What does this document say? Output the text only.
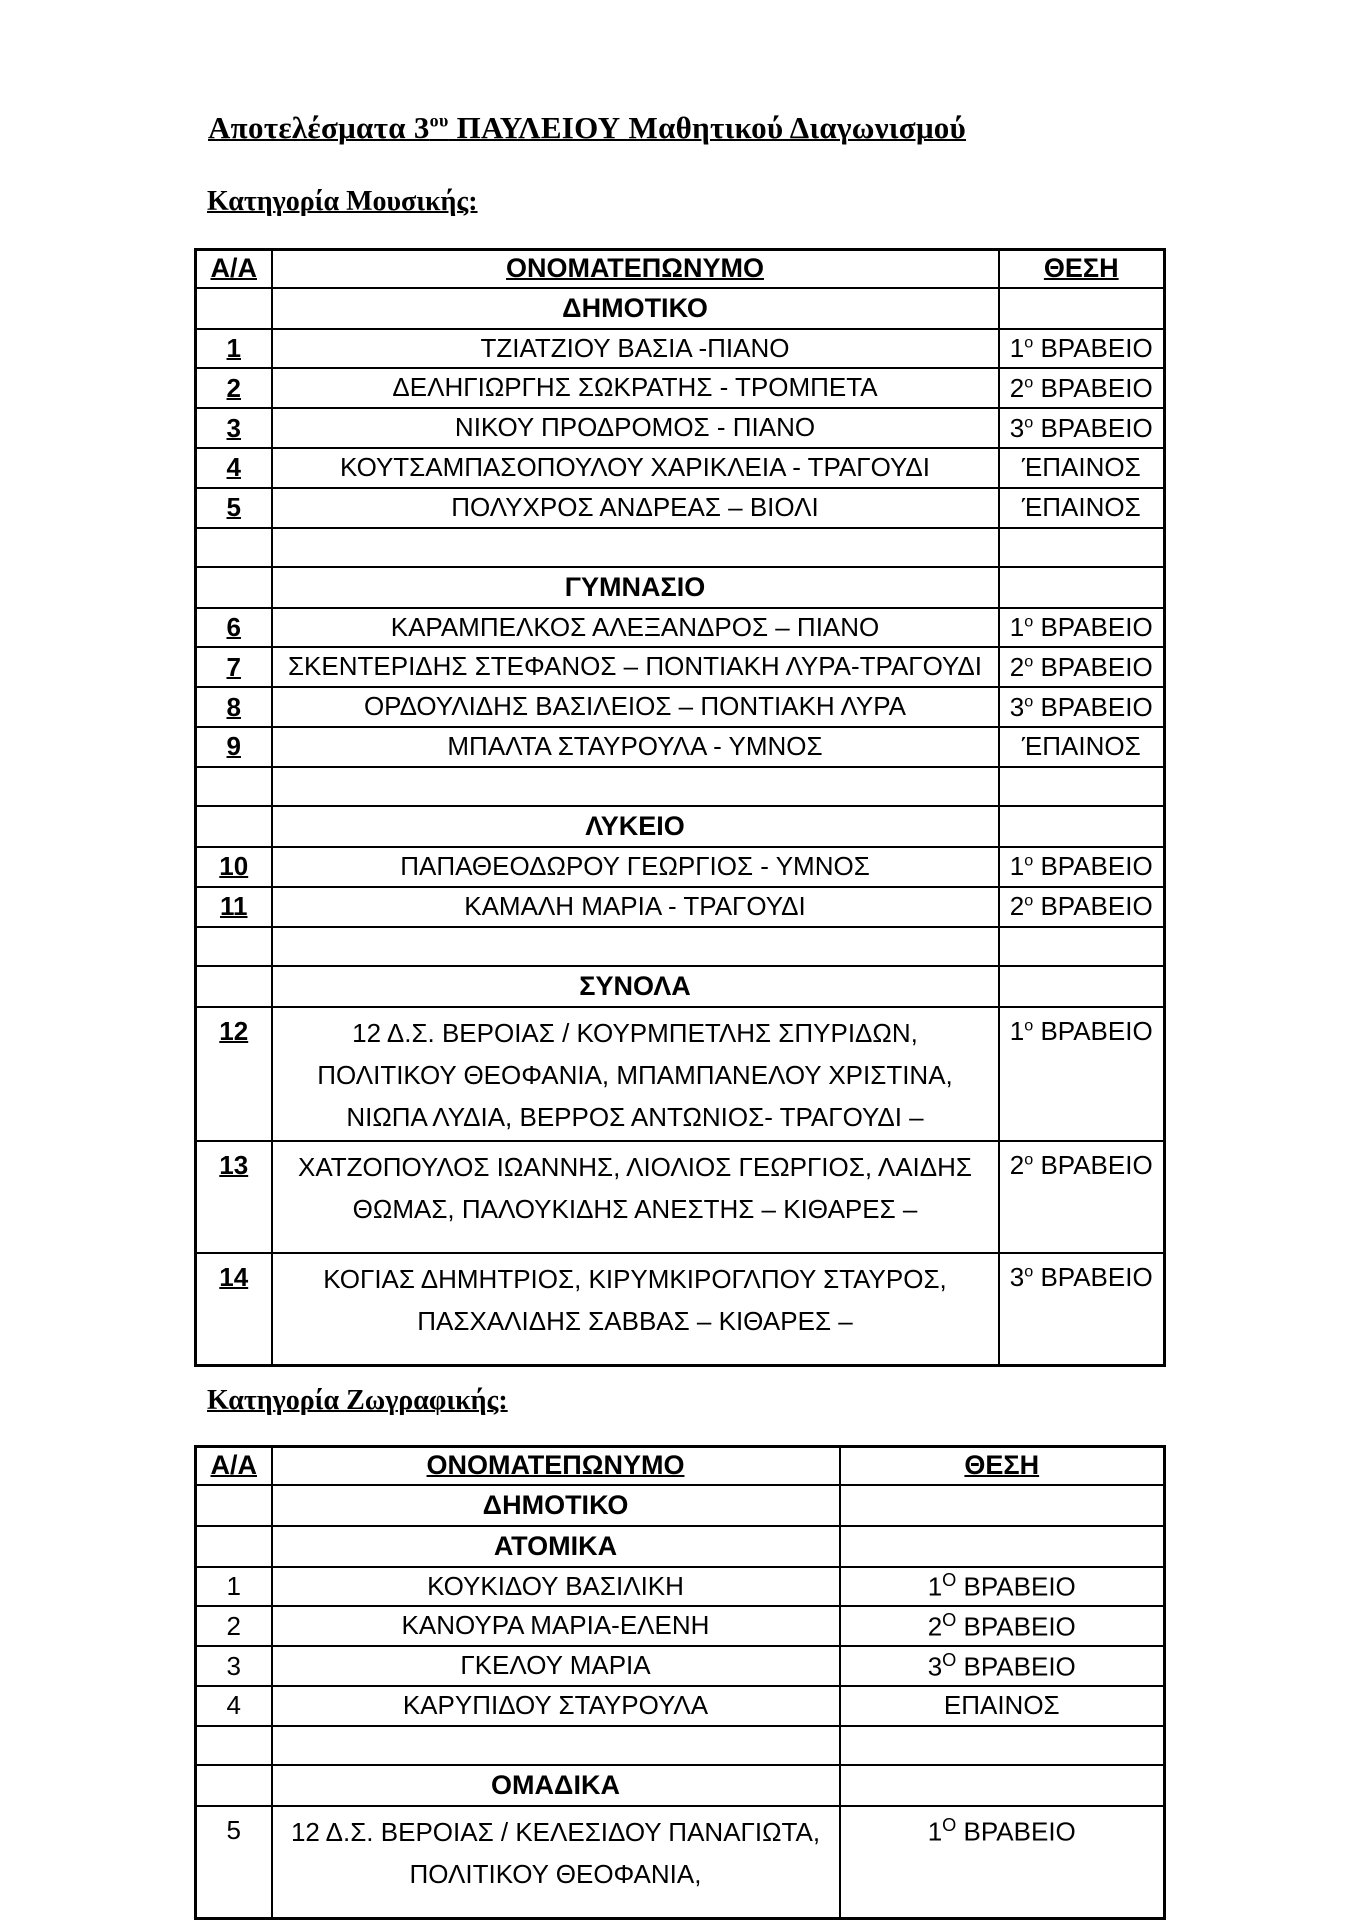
Αποτελέσματα $3^{o\upsilon}$ ΠΑΥΛΕΙΟΥ Μαθητικού Διαγωνισμού
Κατηγορία Μουσικής:
Α/Α	ΟΝΟΜΑΤΕΠΩΝΥΜΟ	ΘΕΣΗ
	ΔΗΜΟΤΙΚΟ	
1	ΤΖΙΑΤΖΙΟΥ ΒΑΣΙΑ -ΠΙΑΝΟ	$1^o$ ΒΡΑΒΕΙΟ
2	ΔΕΛΗΓΙΩΡΓΗΣ ΣΩΚΡΑΤΗΣ - ΤΡΟΜΠΕΤΑ	$2^o$ ΒΡΑΒΕΙΟ
3	ΝΙΚΟΥ ΠΡΟΔΡΟΜΟΣ - ΠΙΑΝΟ	$3^o$ ΒΡΑΒΕΙΟ
4	ΚΟΥΤΣΑΜΠΑΣΟΠΟΥΛΟΥ ΧΑΡΙΚΛΕΙΑ - ΤΡΑΓΟΥΔΙ	ΈΠΑΙΝΟΣ
5	ΠΟΛΥΧΡΟΣ ΑΝΔΡΕΑΣ – ΒΙΟΛΙ	ΈΠΑΙΝΟΣ

	ΓΥΜΝΑΣΙΟ	
6	ΚΑΡΑΜΠΕΛΚΟΣ ΑΛΕΞΑΝΔΡΟΣ – ΠΙΑΝΟ	$1^o$ ΒΡΑΒΕΙΟ
7	ΣΚΕΝΤΕΡΙΔΗΣ ΣΤΕΦΑΝΟΣ – ΠΟΝΤΙΑΚΗ ΛΥΡΑ-ΤΡΑΓΟΥΔΙ	$2^o$ ΒΡΑΒΕΙΟ
8	ΟΡΔΟΥΛΙΔΗΣ ΒΑΣΙΛΕΙΟΣ – ΠΟΝΤΙΑΚΗ ΛΥΡΑ	$3^o$ ΒΡΑΒΕΙΟ
9	ΜΠΑΛΤΑ ΣΤΑΥΡΟΥΛΑ - ΥΜΝΟΣ	ΈΠΑΙΝΟΣ

	ΛΥΚΕΙΟ	
10	ΠΑΠΑΘΕΟΔΩΡΟΥ ΓΕΩΡΓΙΟΣ - ΥΜΝΟΣ	$1^o$ ΒΡΑΒΕΙΟ
11	ΚΑΜΑΛΗ ΜΑΡΙΑ - ΤΡΑΓΟΥΔΙ	$2^o$ ΒΡΑΒΕΙΟ

	ΣΥΝΟΛΑ	
12	12 Δ.Σ. ΒΕΡΟΙΑΣ / ΚΟΥΡΜΠΕΤΛΗΣ ΣΠΥΡΙΔΩΝ, ΠΟΛΙΤΙΚΟΥ ΘΕΟΦΑΝΙΑ, ΜΠΑΜΠΑΝΕΛΟΥ ΧΡΙΣΤΙΝΑ, ΝΙΩΠΑ ΛΥΔΙΑ, ΒΕΡΡΟΣ ΑΝΤΩΝΙΟΣ- ΤΡΑΓΟΥΔΙ –	$1^o$ ΒΡΑΒΕΙΟ
13	ΧΑΤΖΟΠΟΥΛΟΣ ΙΩΑΝΝΗΣ, ΛΙΟΛΙΟΣ ΓΕΩΡΓΙΟΣ, ΛΑΙΔΗΣ ΘΩΜΑΣ, ΠΑΛΟΥΚΙΔΗΣ ΑΝΕΣΤΗΣ – ΚΙΘΑΡΕΣ –	$2^o$ ΒΡΑΒΕΙΟ
14	ΚΟΓΙΑΣ ΔΗΜΗΤΡΙΟΣ, ΚΙΡΥΜΚΙΡΟΓΛΠΟΥ ΣΤΑΥΡΟΣ, ΠΑΣΧΑΛΙΔΗΣ ΣΑΒΒΑΣ – ΚΙΘΑΡΕΣ –	$3^o$ ΒΡΑΒΕΙΟ
Κατηγορία Ζωγραφικής:
Α/Α	ΟΝΟΜΑΤΕΠΩΝΥΜΟ	ΘΕΣΗ
	ΔΗΜΟΤΙΚΟ	
	ΑΤΟΜΙΚΑ	
1	ΚΟΥΚΙΔΟΥ ΒΑΣΙΛΙΚΗ	$1^O$ ΒΡΑΒΕΙΟ
2	ΚΑΝΟΥΡΑ ΜΑΡΙΑ-ΕΛΕΝΗ	$2^O$ ΒΡΑΒΕΙΟ
3	ΓΚΕΛΟΥ ΜΑΡΙΑ	$3^O$ ΒΡΑΒΕΙΟ
4	ΚΑΡΥΠΙΔΟΥ ΣΤΑΥΡΟΥΛΑ	ΕΠΑΙΝΟΣ

	ΟΜΑΔΙΚΑ	
5	12 Δ.Σ. ΒΕΡΟΙΑΣ / ΚΕΛΕΣΙΔΟΥ ΠΑΝΑΓΙΩΤΑ, ΠΟΛΙΤΙΚΟΥ ΘΕΟΦΑΝΙΑ,	$1^O$ ΒΡΑΒΕΙΟ
